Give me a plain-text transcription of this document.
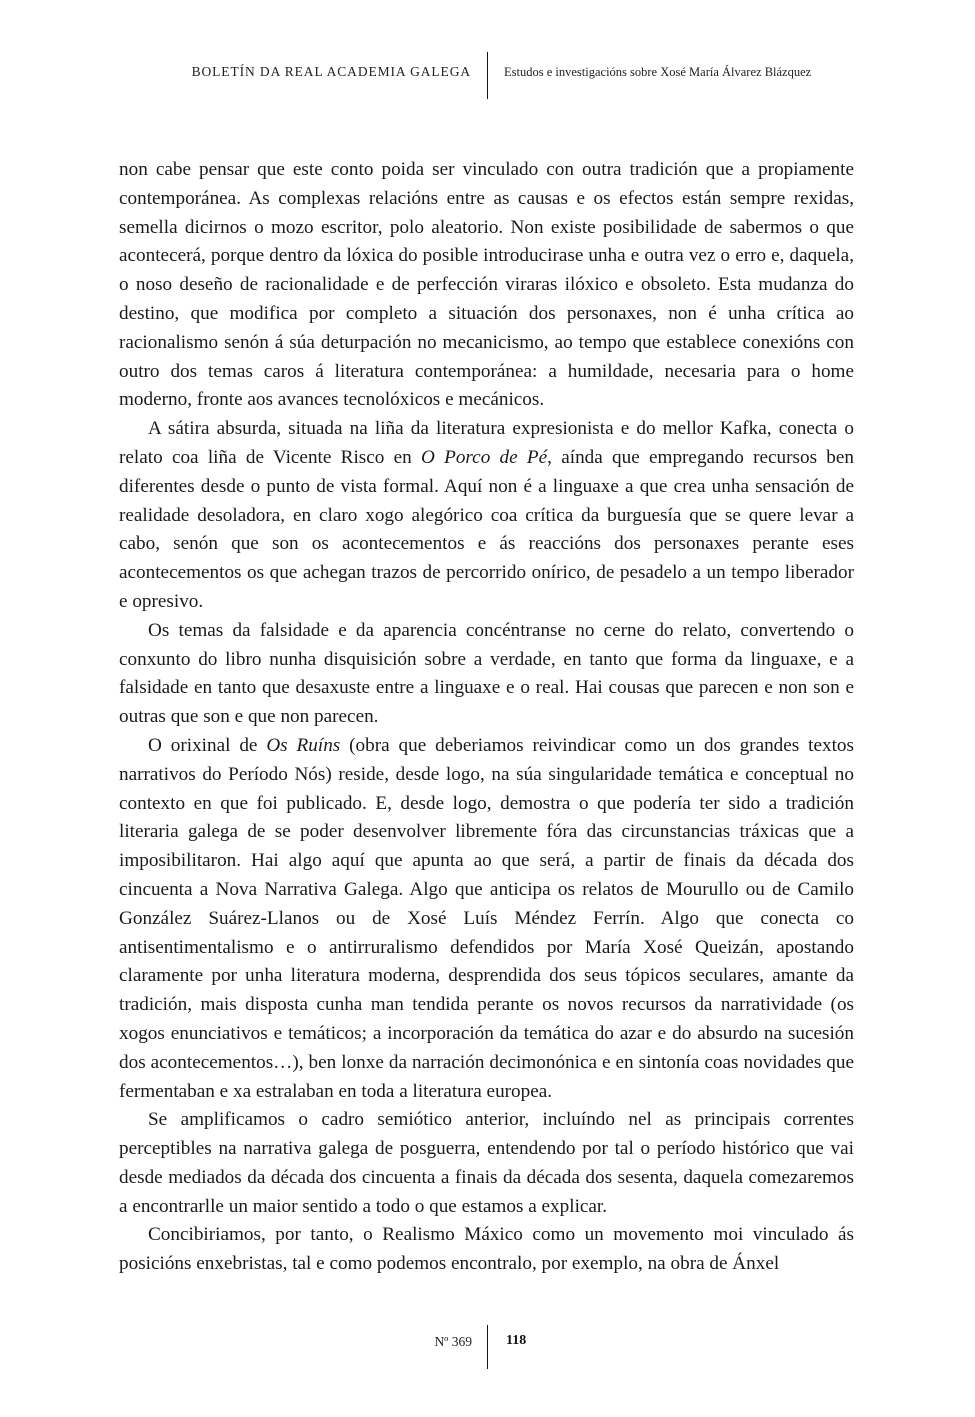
BOLETÍN DA REAL ACADEMIA GALEGA	Estudos e investigacións sobre Xosé María Álvarez Blázquez

non cabe pensar que este conto poida ser vinculado con outra tradición que a propiamente contemporánea. As complexas relacións entre as causas e os efectos están sempre rexidas, semella dicirnos o mozo escritor, polo aleatorio. Non existe posibilidade de sabermos o que acontecerá, porque dentro da lóxica do posible introducirase unha e outra vez o erro e, daquela, o noso deseño de racionalidade e de perfección viraras ilóxico e obsoleto. Esta mudanza do destino, que modifica por completo a situación dos personaxes, non é unha crítica ao racionalismo senón á súa deturpación no mecanicismo, ao tempo que establece conexións con outro dos temas caros á literatura contemporánea: a humildade, necesaria para o home moderno, fronte aos avances tecnolóxicos e mecánicos.

A sátira absurda, situada na liña da literatura expresionista e do mellor Kafka, conecta o relato coa liña de Vicente Risco en O Porco de Pé, aínda que empregando recursos ben diferentes desde o punto de vista formal. Aquí non é a linguaxe a que crea unha sensación de realidade desoladora, en claro xogo alegórico coa crítica da burguesía que se quere levar a cabo, senón que son os acontecementos e ás reaccións dos personaxes perante eses acontecementos os que achegan trazos de percorrido onírico, de pesadelo a un tempo liberador e opresivo.

Os temas da falsidade e da aparencia concéntranse no cerne do relato, convertendo o conxunto do libro nunha disquisición sobre a verdade, en tanto que forma da linguaxe, e a falsidade en tanto que desaxuste entre a linguaxe e o real. Hai cousas que parecen e non son e outras que son e que non parecen.

O orixinal de Os Ruíns (obra que deberiamos reivindicar como un dos grandes textos narrativos do Período Nós) reside, desde logo, na súa singularidade temática e conceptual no contexto en que foi publicado. E, desde logo, demostra o que podería ter sido a tradición literaria galega de se poder desenvolver libremente fóra das circunstancias tráxicas que a imposibilitaron. Hai algo aquí que apunta ao que será, a partir de finais da década dos cincuenta a Nova Narrativa Galega. Algo que anticipa os relatos de Mourullo ou de Camilo González Suárez-Llanos ou de Xosé Luís Méndez Ferrín. Algo que conecta co antisentimentalismo e o antirruralismo defendidos por María Xosé Queizán, apostando claramente por unha literatura moderna, desprendida dos seus tópicos seculares, amante da tradición, mais disposta cunha man tendida perante os novos recursos da narratividade (os xogos enunciativos e temáticos; a incorporación da temática do azar e do absurdo na sucesión dos acontecementos…), ben lonxe da narración decimonónica e en sintonía coas novidades que fermentaban e xa estralaban en toda a literatura europea.

Se amplificamos o cadro semiótico anterior, incluíndo nel as principais correntes perceptibles na narrativa galega de posguerra, entendendo por tal o período histórico que vai desde mediados da década dos cincuenta a finais da década dos sesenta, daquela comezaremos a encontrarlle un maior sentido a todo o que estamos a explicar.

Concibiriamos, por tanto, o Realismo Máxico como un movemento moi vinculado ás posicións enxebristas, tal e como podemos encontralo, por exemplo, na obra de Ánxel

Nº 369 118
